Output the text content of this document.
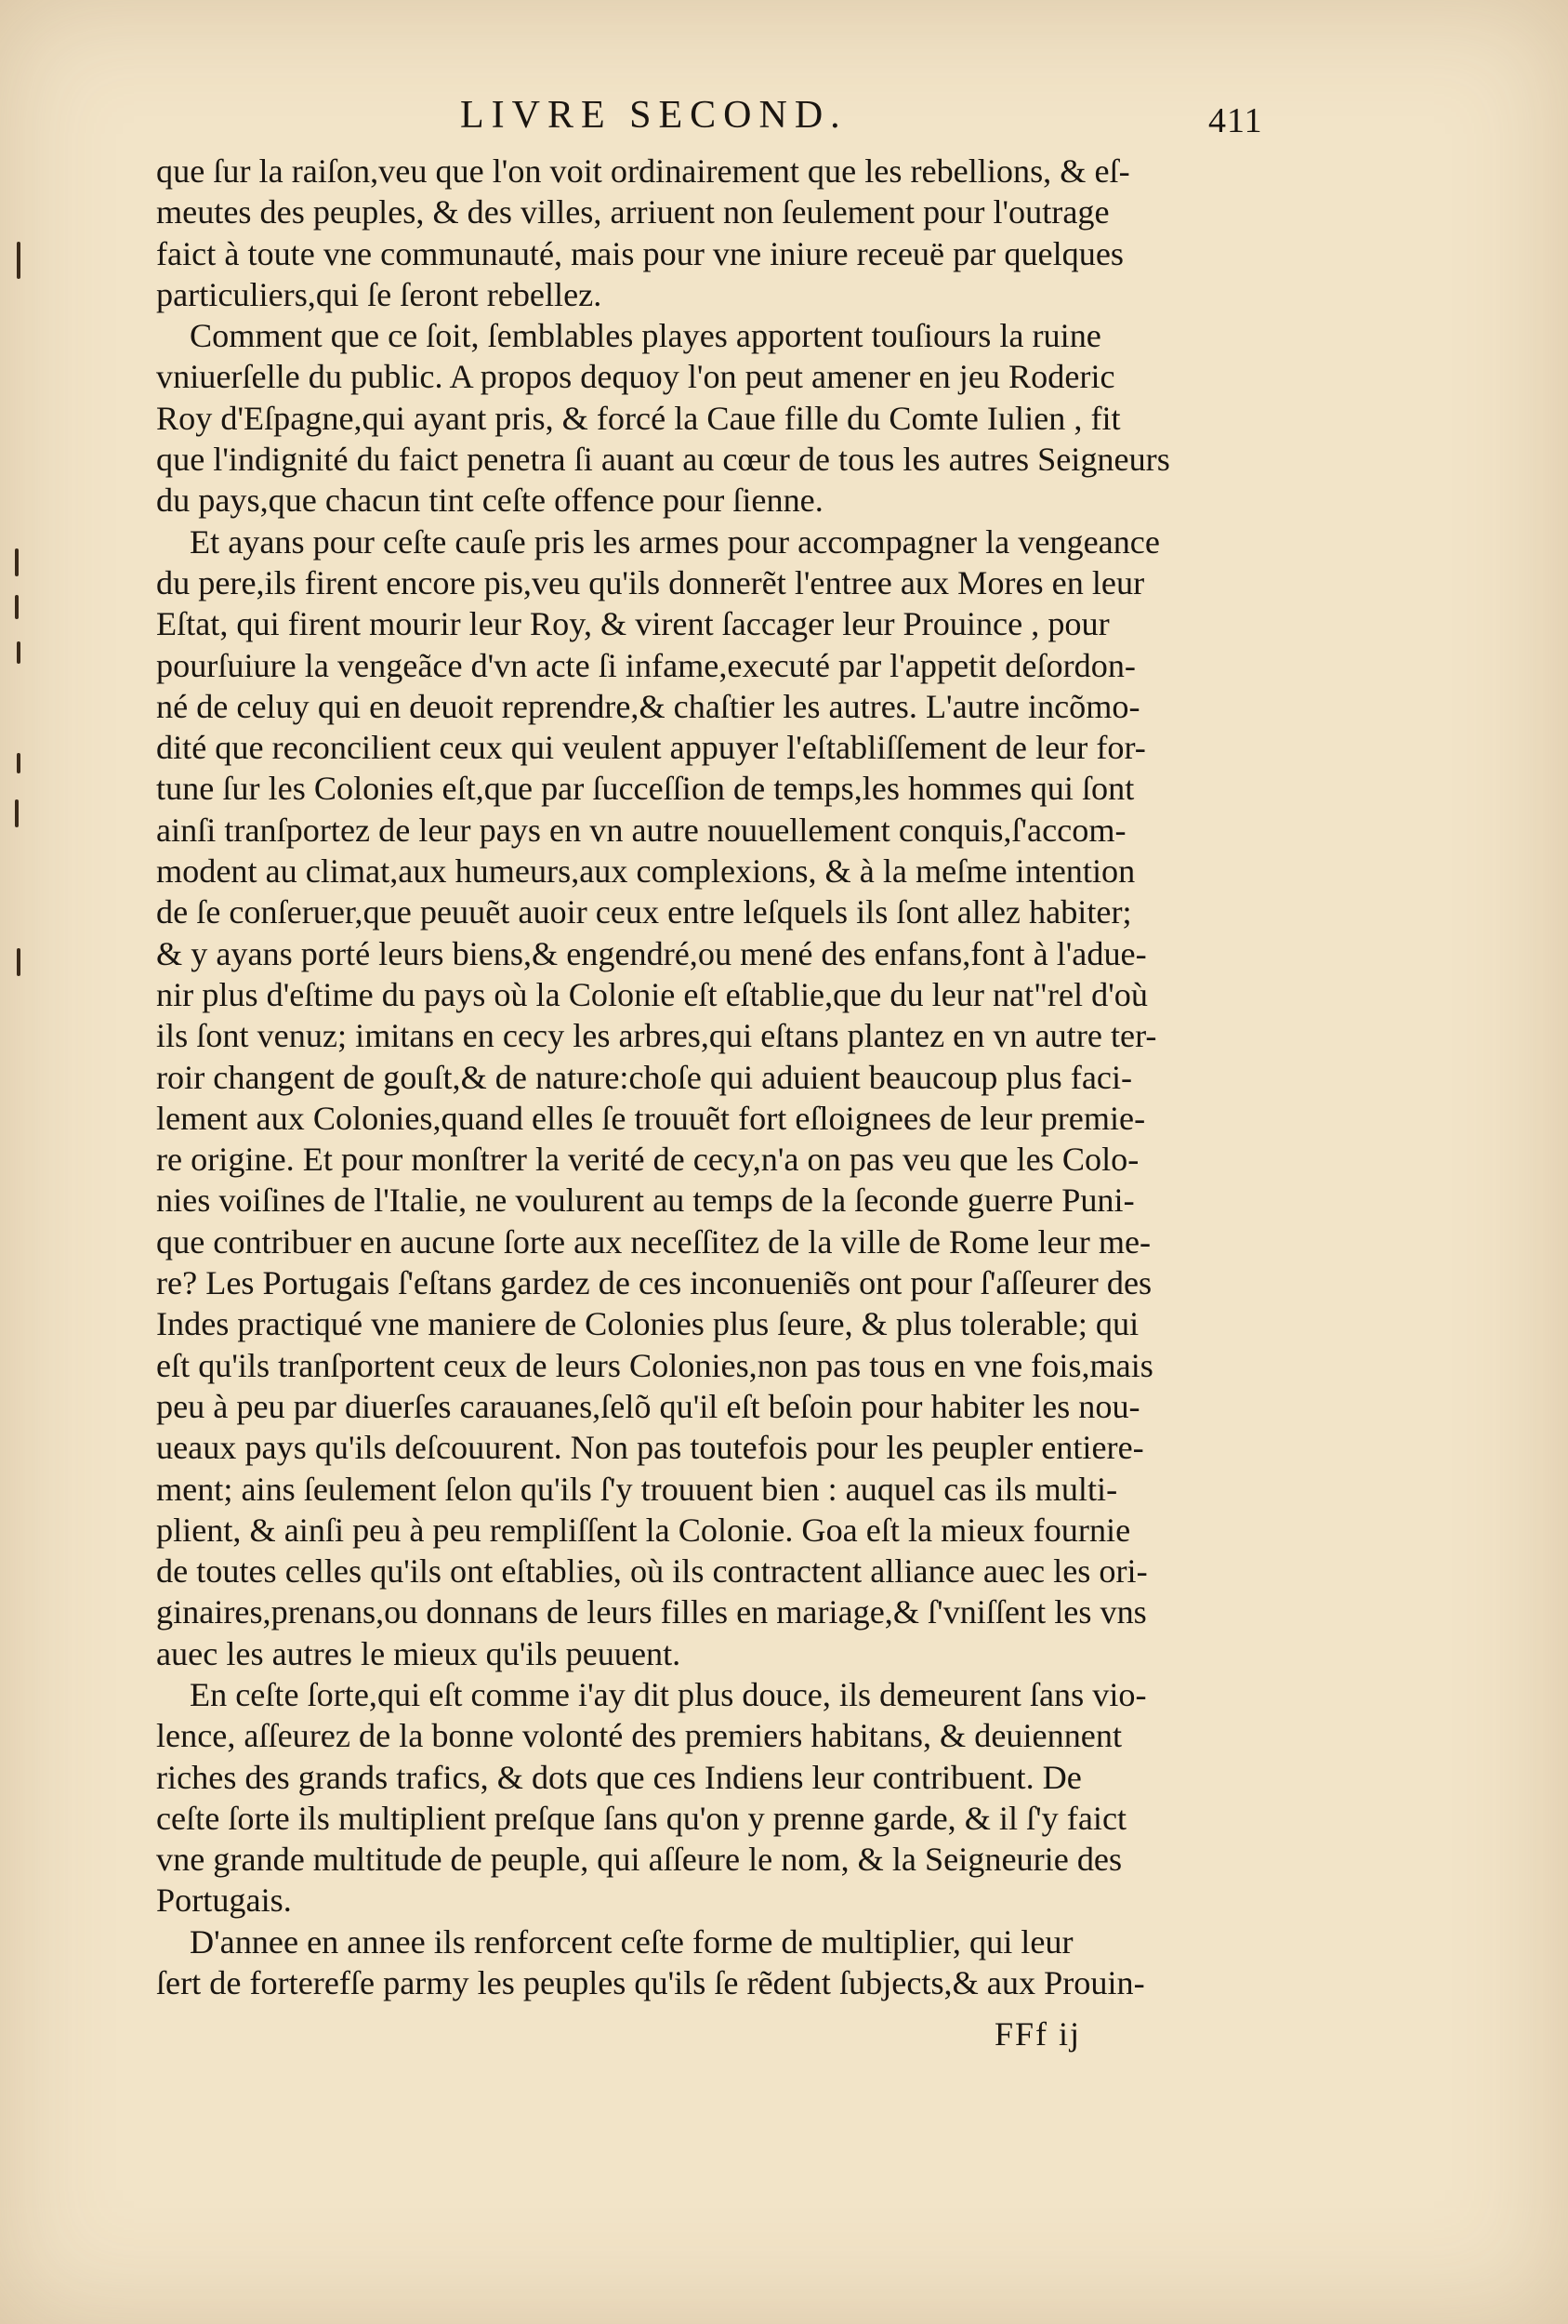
LIVRE SECOND.	411
que ſur la raiſon,veu que l'on voit ordinairement que les rebellions, & eſ-
meutes des peuples, & des villes, arriuent non ſeulement pour l'outrage
faict à toute vne communauté, mais pour vne iniure receuë par quelques
particuliers,qui ſe ſeront rebellez.
Comment que ce ſoit, ſemblables playes apportent touſiours la ruine
vniuerſelle du public. A propos dequoy l'on peut amener en jeu Roderic
Roy d'Eſpagne,qui ayant pris, & forcé la Caue fille du Comte Iulien , fit
que l'indignité du faict penetra ſi auant au cœur de tous les autres Seigneurs
du pays,que chacun tint ceſte offence pour ſienne.
Et ayans pour ceſte cauſe pris les armes pour accompagner la vengeance
du pere,ils firent encore pis,veu qu'ils donnerẽt l'entree aux Mores en leur
Eſtat, qui firent mourir leur Roy, & virent ſaccager leur Prouince , pour
pourſuiure la vengeãce d'vn acte ſi infame,executé par l'appetit deſordon-
né de celuy qui en deuoit reprendre,& chaſtier les autres. L'autre incõmo-
dité que reconcilient ceux qui veulent appuyer l'eſtabliſſement de leur for-
tune ſur les Colonies eſt,que par ſucceſſion de temps,les hommes qui ſont
ainſi tranſportez de leur pays en vn autre nouuellement conquis,ſ'accom-
modent au climat,aux humeurs,aux complexions, & à la meſme intention
de ſe conſeruer,que peuuẽt auoir ceux entre leſquels ils ſont allez habiter;
& y ayans porté leurs biens,& engendré,ou mené des enfans,font à l'adue-
nir plus d'eſtime du pays où la Colonie eſt eſtablie,que du leur nat"rel d'où
ils ſont venuz; imitans en cecy les arbres,qui eſtans plantez en vn autre ter-
roir changent de gouſt,& de nature:choſe qui aduient beaucoup plus faci-
lement aux Colonies,quand elles ſe trouuẽt fort eſloignees de leur premie-
re origine. Et pour monſtrer la verité de cecy,n'a on pas veu que les Colo-
nies voiſines de l'Italie, ne voulurent au temps de la ſeconde guerre Puni-
que contribuer en aucune ſorte aux neceſſitez de la ville de Rome leur me-
re? Les Portugais ſ'eſtans gardez de ces inconueniẽs ont pour ſ'aſſeurer des
Indes practiqué vne maniere de Colonies plus ſeure, & plus tolerable; qui
eſt qu'ils tranſportent ceux de leurs Colonies,non pas tous en vne fois,mais
peu à peu par diuerſes carauanes,ſelõ qu'il eſt beſoin pour habiter les nou-
ueaux pays qu'ils deſcouurent. Non pas toutefois pour les peupler entiere-
ment; ains ſeulement ſelon qu'ils ſ'y trouuent bien : auquel cas ils multi-
plient, & ainſi peu à peu rempliſſent la Colonie. Goa eſt la mieux fournie
de toutes celles qu'ils ont eſtablies, où ils contractent alliance auec les ori-
ginaires,prenans,ou donnans de leurs filles en mariage,& ſ'vniſſent les vns
auec les autres le mieux qu'ils peuuent.
En ceſte ſorte,qui eſt comme i'ay dit plus douce, ils demeurent ſans vio-
lence, aſſeurez de la bonne volonté des premiers habitans, & deuiennent
riches des grands trafics, & dots que ces Indiens leur contribuent. De
ceſte ſorte ils multiplient preſque ſans qu'on y prenne garde, & il ſ'y faict
vne grande multitude de peuple, qui aſſeure le nom, & la Seigneurie des
Portugais.
D'annee en annee ils renforcent ceſte forme de multiplier, qui leur
ſert de forterefſe parmy les peuples qu'ils ſe rẽdent ſubjects,& aux Prouin-
FFf ij
